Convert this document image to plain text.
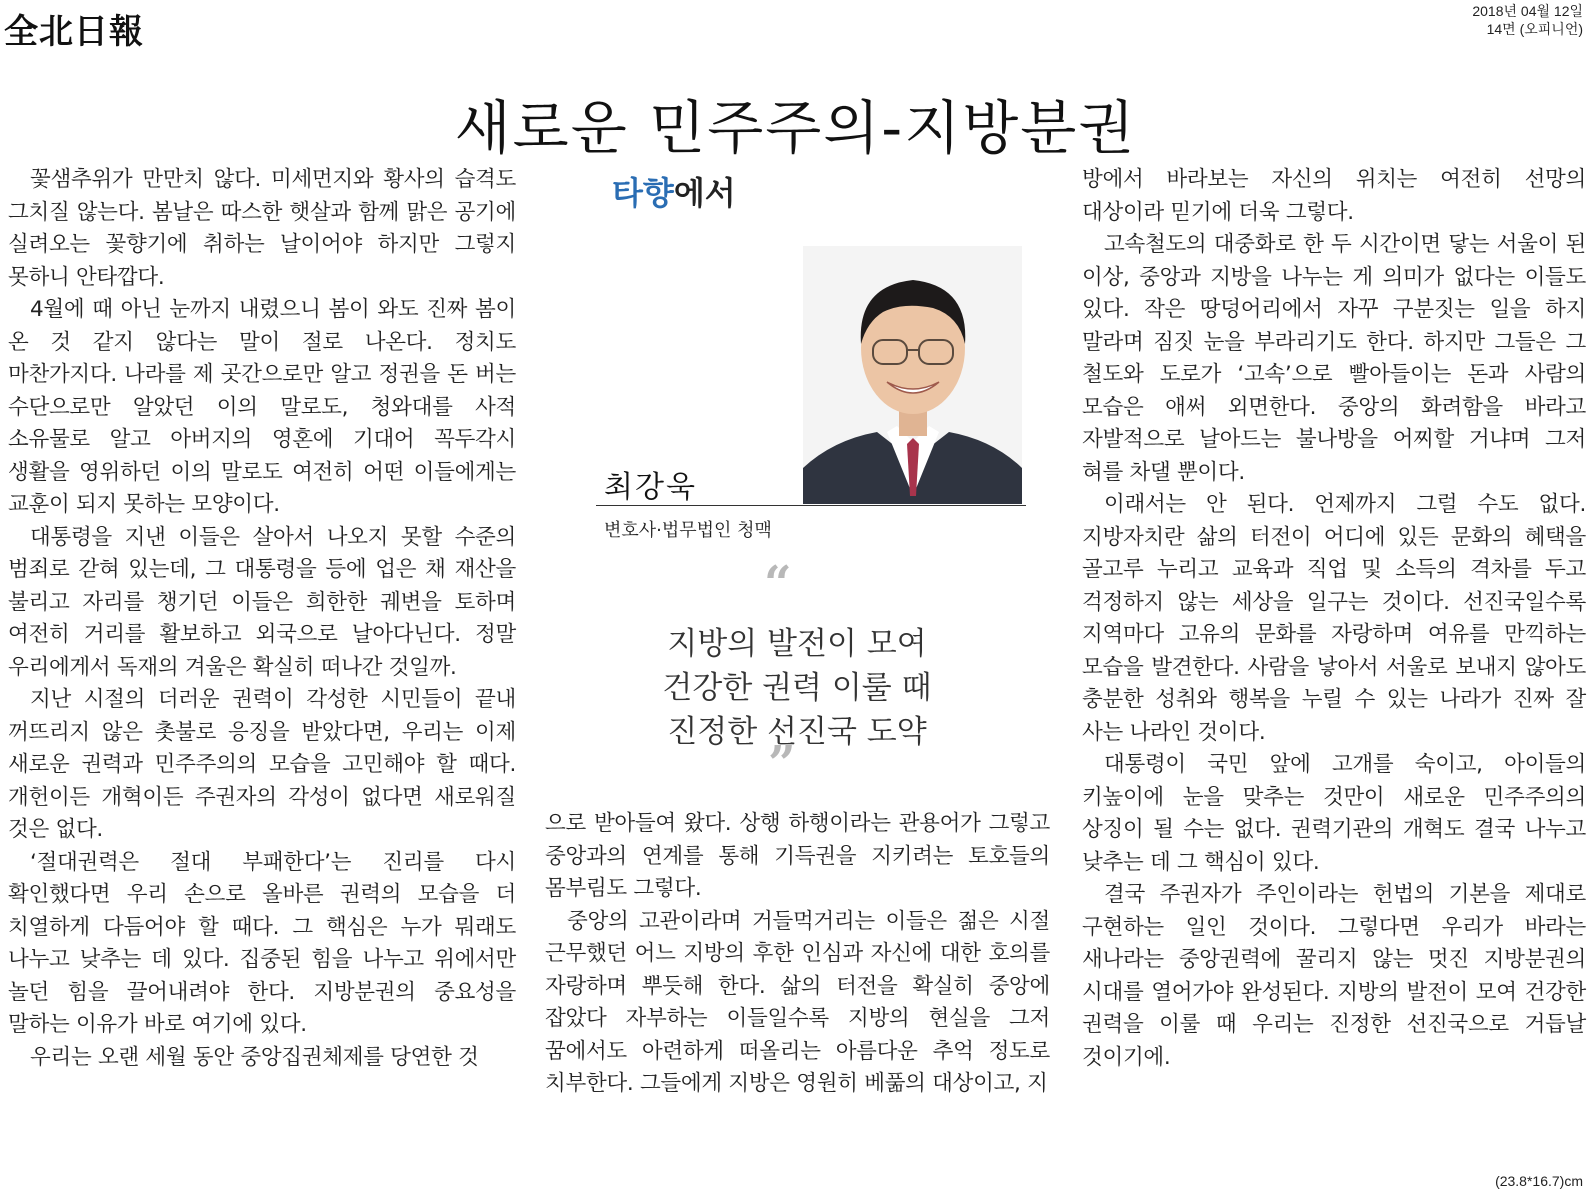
全北日報
2018년 04월 12일
14면 (오피니언)
새로운 민주주의-지방분권

꽃샘추위가 만만치 않다. 미세먼지와 황사의 습격도 그치질 않는다. 봄날은 따스한 햇살과 함께 맑은 공기에 실려오는 꽃향기에 취하는 날이어야 하지만 그렇지 못하니 안타깝다.

4월에 때 아닌 눈까지 내렸으니 봄이 와도 진짜 봄이 온 것 같지 않다는 말이 절로 나온다. 정치도 마찬가지다. 나라를 제 곳간으로만 알고 정권을 돈 버는 수단으로만 알았던 이의 말로도, 청와대를 사적 소유물로 알고 아버지의 영혼에 기대어 꼭두각시 생활을 영위하던 이의 말로도 여전히 어떤 이들에게는 교훈이 되지 못하는 모양이다.

대통령을 지낸 이들은 살아서 나오지 못할 수준의 범죄로 갇혀 있는데, 그 대통령을 등에 업은 채 재산을 불리고 자리를 챙기던 이들은 희한한 궤변을 토하며 여전히 거리를 활보하고 외국으로 날아다닌다. 정말 우리에게서 독재의 겨울은 확실히 떠나간 것일까.

지난 시절의 더러운 권력이 각성한 시민들이 끝내 꺼뜨리지 않은 촛불로 응징을 받았다면, 우리는 이제 새로운 권력과 민주주의의 모습을 고민해야 할 때다. 개헌이든 개혁이든 주권자의 각성이 없다면 새로워질 것은 없다.

‘절대권력은 절대 부패한다’는 진리를 다시 확인했다면 우리 손으로 올바른 권력의 모습을 더 치열하게 다듬어야 할 때다. 그 핵심은 누가 뭐래도 나누고 낮추는 데 있다. 집중된 힘을 나누고 위에서만 놀던 힘을 끌어내려야 한다. 지방분권의 중요성을 말하는 이유가 바로 여기에 있다.

우리는 오랜 세월 동안 중앙집권체제를 당연한 것

타향에서
최강욱
변호사·법무법인 청맥
“
지방의 발전이 모여
건강한 권력 이룰 때
진정한 선진국 도약
”

으로 받아들여 왔다. 상행 하행이라는 관용어가 그렇고 중앙과의 연계를 통해 기득권을 지키려는 토호들의 몸부림도 그렇다.

중앙의 고관이라며 거들먹거리는 이들은 젊은 시절 근무했던 어느 지방의 후한 인심과 자신에 대한 호의를 자랑하며 뿌듯해 한다. 삶의 터전을 확실히 중앙에 잡았다 자부하는 이들일수록 지방의 현실을 그저 꿈에서도 아련하게 떠올리는 아름다운 추억 정도로 치부한다. 그들에게 지방은 영원히 베풂의 대상이고, 지

방에서 바라보는 자신의 위치는 여전히 선망의 대상이라 믿기에 더욱 그렇다.

고속철도의 대중화로 한 두 시간이면 닿는 서울이 된 이상, 중앙과 지방을 나누는 게 의미가 없다는 이들도 있다. 작은 땅덩어리에서 자꾸 구분짓는 일을 하지 말라며 짐짓 눈을 부라리기도 한다. 하지만 그들은 그 철도와 도로가 ‘고속’으로 빨아들이는 돈과 사람의 모습은 애써 외면한다. 중앙의 화려함을 바라고 자발적으로 날아드는 불나방을 어찌할 거냐며 그저 혀를 차댈 뿐이다.

이래서는 안 된다. 언제까지 그럴 수도 없다. 지방자치란 삶의 터전이 어디에 있든 문화의 혜택을 골고루 누리고 교육과 직업 및 소득의 격차를 두고 걱정하지 않는 세상을 일구는 것이다. 선진국일수록 지역마다 고유의 문화를 자랑하며 여유를 만끽하는 모습을 발견한다. 사람을 낳아서 서울로 보내지 않아도 충분한 성취와 행복을 누릴 수 있는 나라가 진짜 잘 사는 나라인 것이다.

대통령이 국민 앞에 고개를 숙이고, 아이들의 키높이에 눈을 맞추는 것만이 새로운 민주주의의 상징이 될 수는 없다. 권력기관의 개혁도 결국 나누고 낮추는 데 그 핵심이 있다.

결국 주권자가 주인이라는 헌법의 기본을 제대로 구현하는 일인 것이다. 그렇다면 우리가 바라는 새나라는 중앙권력에 꿀리지 않는 멋진 지방분권의 시대를 열어가야 완성된다. 지방의 발전이 모여 건강한 권력을 이룰 때 우리는 진정한 선진국으로 거듭날 것이기에.

(23.8*16.7)cm
